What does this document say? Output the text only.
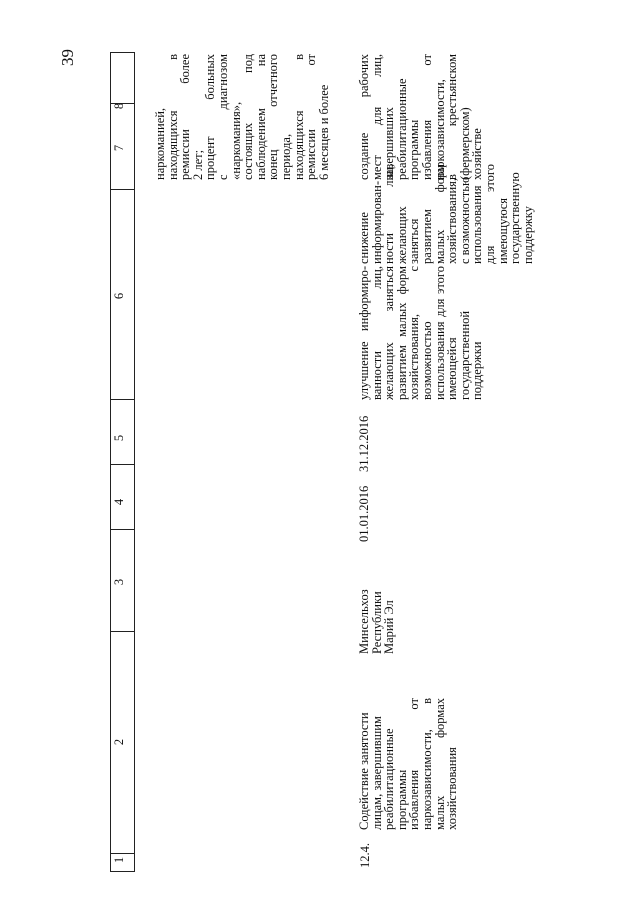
39
1
2
3
4
5
6
7
8
наркоманией,
находящихся в
ремиссии более
2 лет;
процент больных
с диагнозом
«наркомания»,
состоящих под
наблюдением на
конец отчетного
периода,
находящихся в
ремиссии от
6 месяцев и более
12.4.
Содействие занятости
лицам, завершившим
реабилитационные
программы
избавления от
наркозависимости, в
малых формах
хозяйствования
Минсельхоз
Республики
Марий Эл
01.01.2016
31.12.2016
улучшение информиро-
ванности лиц,
желающих заняться
развитием малых форм
хозяйствования, с
возможностью
использования для этого
имеющейся
государственной
поддержки
снижение
информирован-
ности лиц,
желающих
заняться
развитием
малых форм
хозяйствования,
с возможностью
использования
для этого
имеющуюся
государственную
поддержку
создание рабочих
мест для лиц,
завершивших
реабилитационные
программы
избавления от
наркозависимости,
в крестьянском
(фермерском)
хозяйстве
